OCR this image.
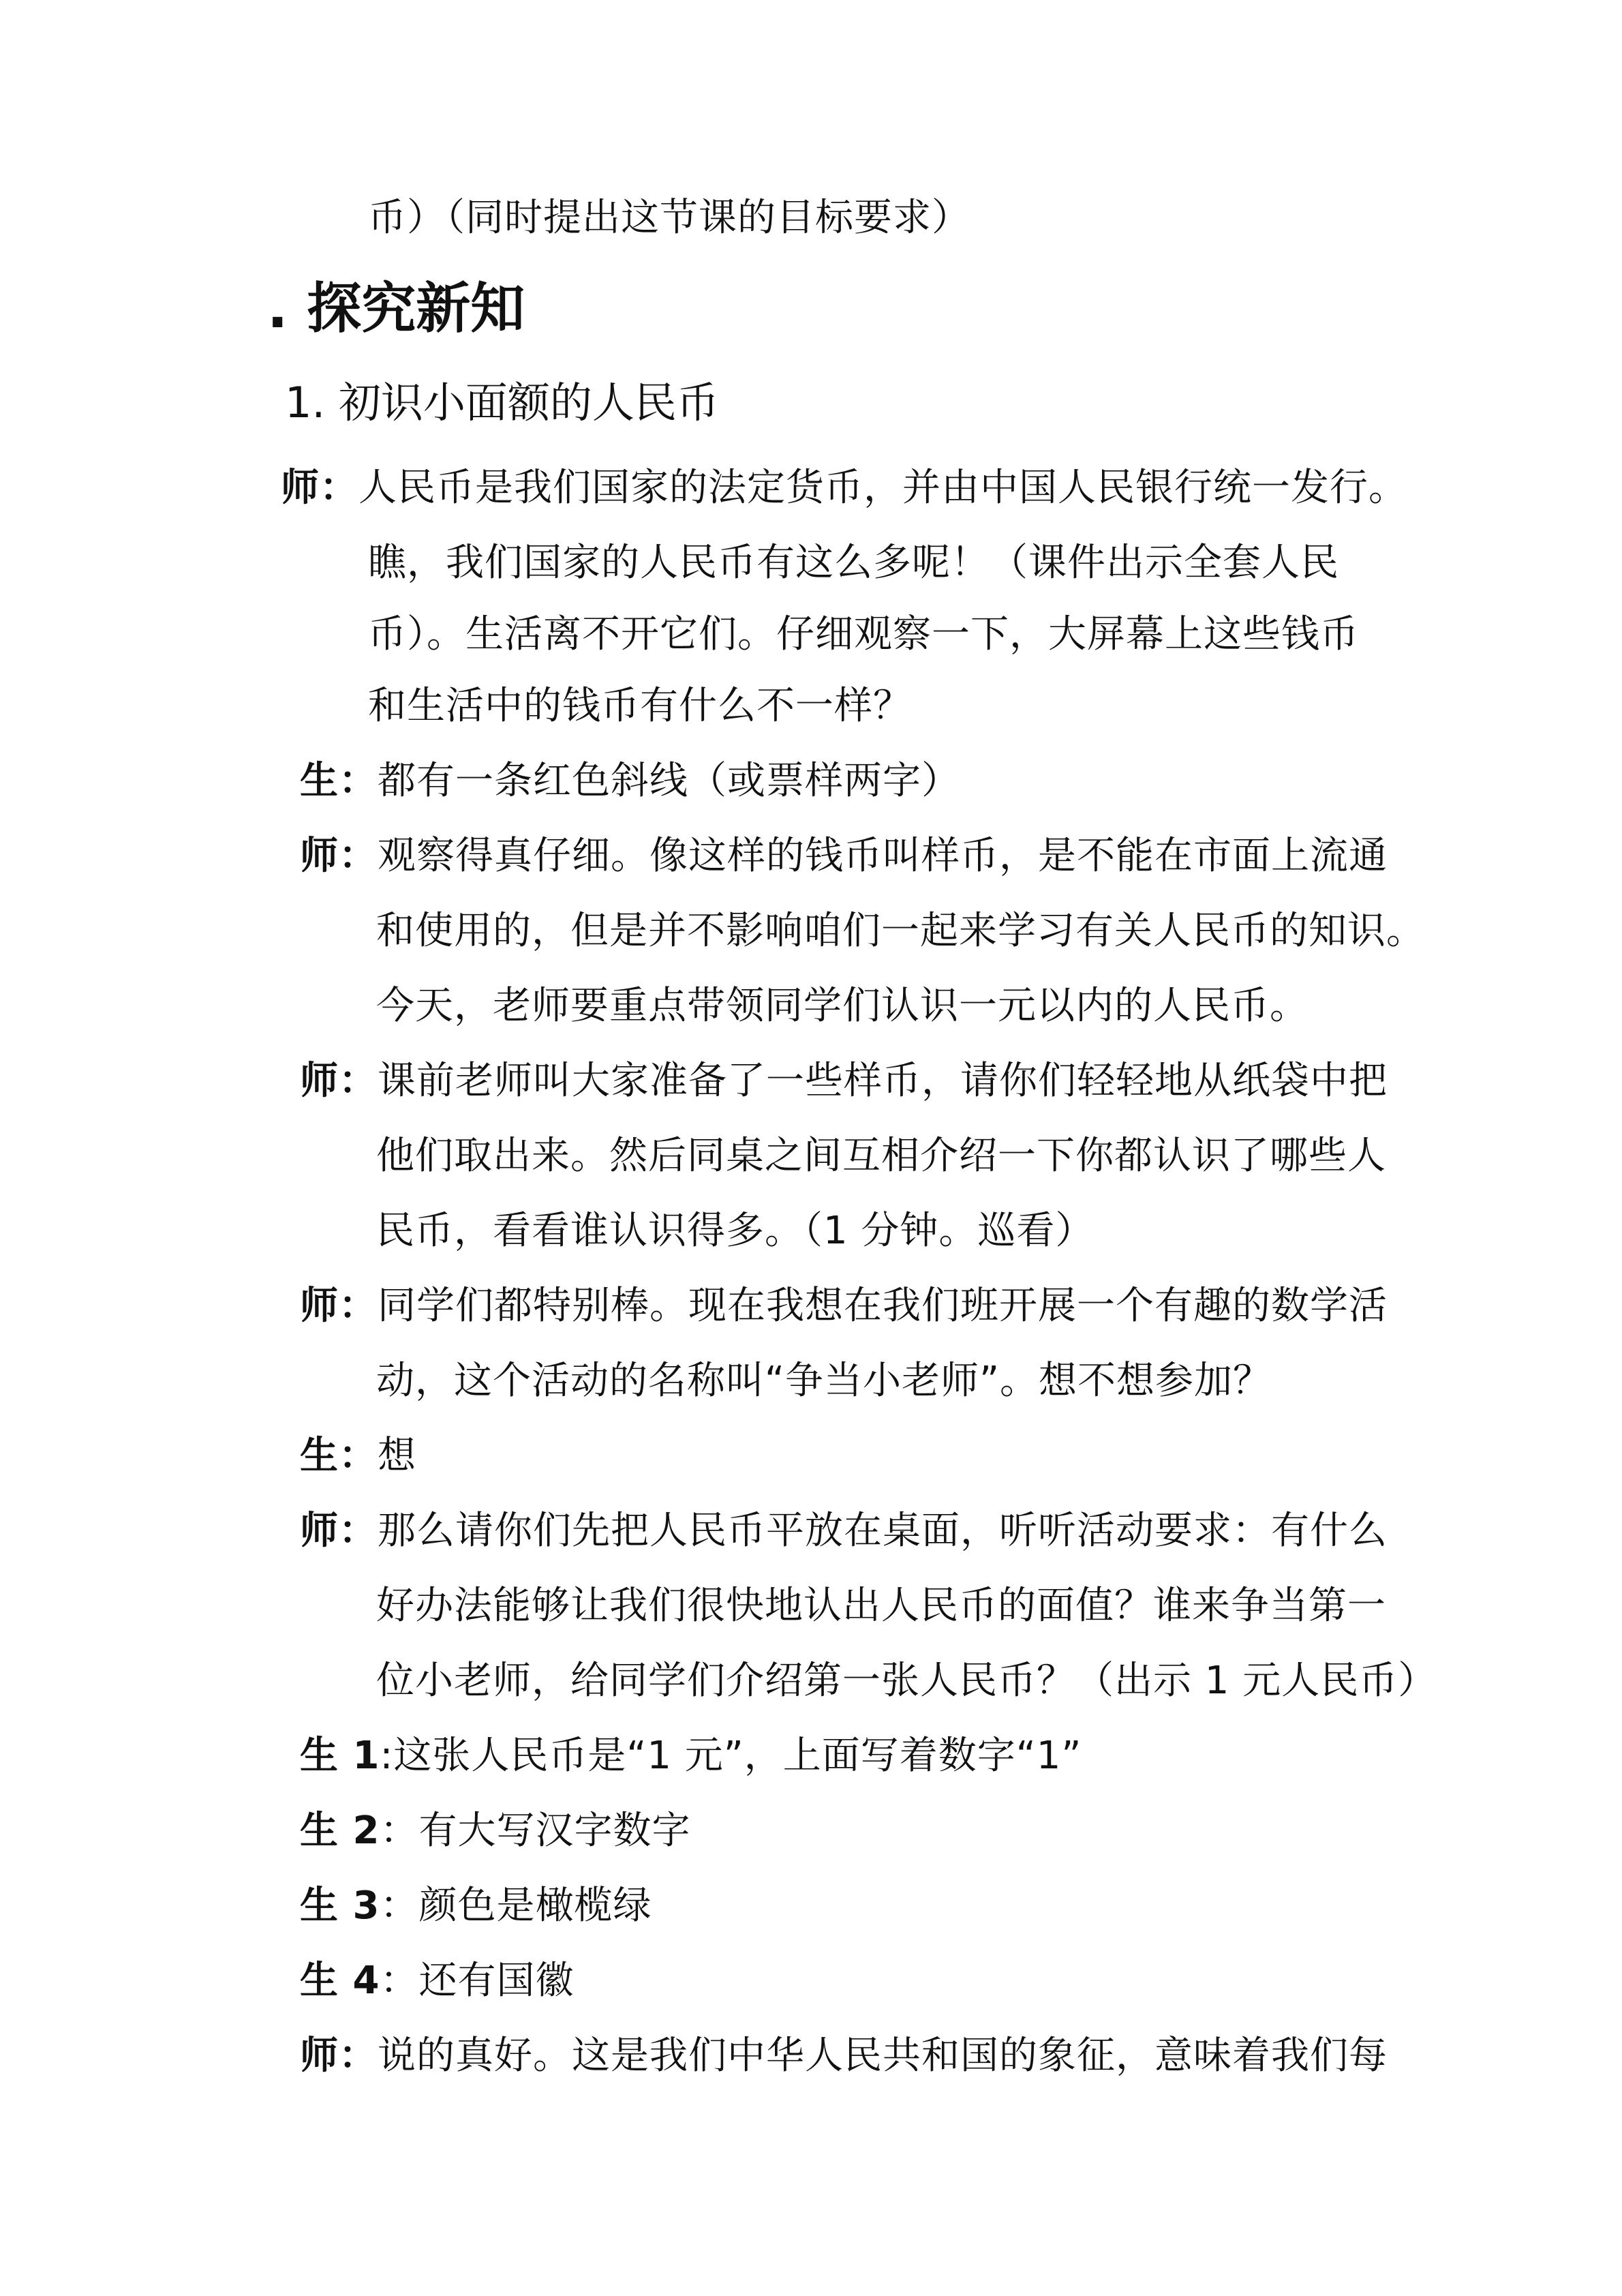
币）（同时提出这节课的目标要求）
. 探究新知
1. 初识小面额的人民币
师：人民币是我们国家的法定货币，并由中国人民银行统一发行。
瞧，我们国家的人民币有这么多呢！（课件出示全套人民
币）。生活离不开它们。仔细观察一下，大屏幕上这些钱币
和生活中的钱币有什么不一样？
生：都有一条红色斜线（或票样两字）
师：观察得真仔细。像这样的钱币叫样币，是不能在市面上流通
和使用的，但是并不影响咱们一起来学习有关人民币的知识。
今天，老师要重点带领同学们认识一元以内的人民币。
师：课前老师叫大家准备了一些样币，请你们轻轻地从纸袋中把
他们取出来。然后同桌之间互相介绍一下你都认识了哪些人
民币，看看谁认识得多。（1 分钟。巡看）
师：同学们都特别棒。现在我想在我们班开展一个有趣的数学活
动，这个活动的名称叫“争当小老师”。想不想参加？
生：想
师：那么请你们先把人民币平放在桌面，听听活动要求：有什么
好办法能够让我们很快地认出人民币的面值？谁来争当第一
位小老师，给同学们介绍第一张人民币？（出示 1 元人民币）
生 1:这张人民币是“1 元”，上面写着数字“1”
生 2：有大写汉字数字
生 3：颜色是橄榄绿
生 4：还有国徽
师：说的真好。这是我们中华人民共和国的象征，意味着我们每
